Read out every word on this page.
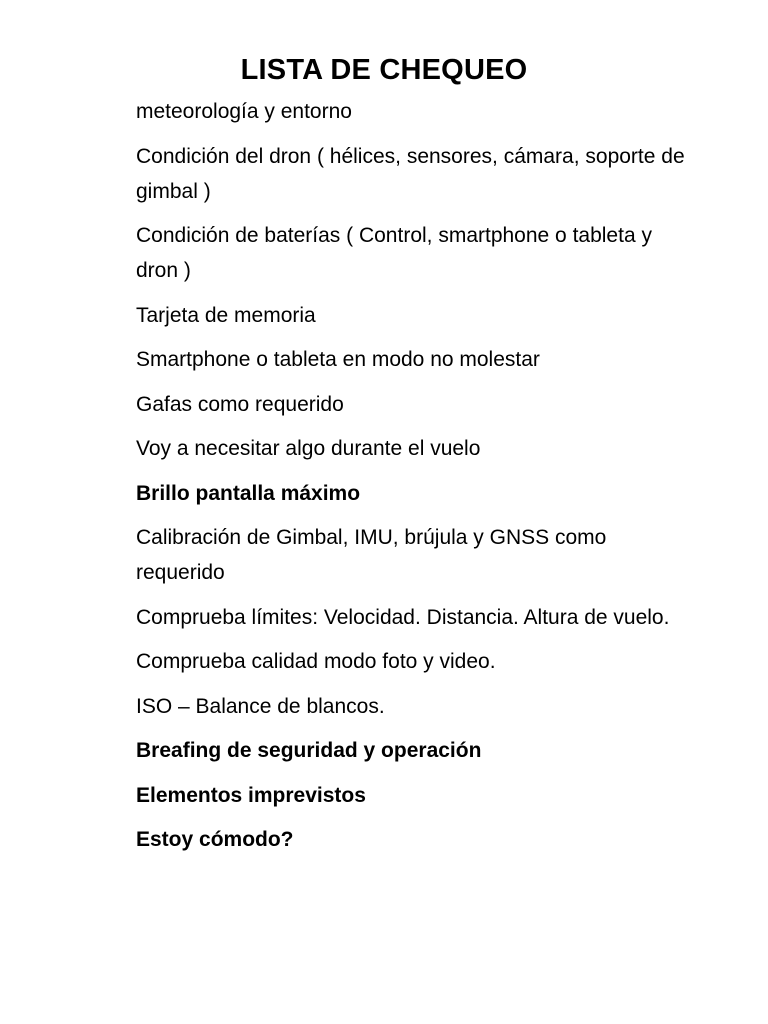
LISTA DE CHEQUEO
meteorología y entorno
Condición del dron ( hélices, sensores, cámara, soporte de gimbal )
Condición de baterías ( Control, smartphone o tableta y dron )
Tarjeta de memoria
Smartphone o tableta en modo no molestar
Gafas como requerido
Voy a necesitar algo durante el vuelo
Brillo pantalla máximo
Calibración de Gimbal, IMU, brújula y GNSS como requerido
Comprueba límites: Velocidad. Distancia. Altura de vuelo.
Comprueba calidad modo foto y video.
ISO – Balance de blancos.
Breafing de seguridad y operación
Elementos imprevistos
Estoy cómodo?
